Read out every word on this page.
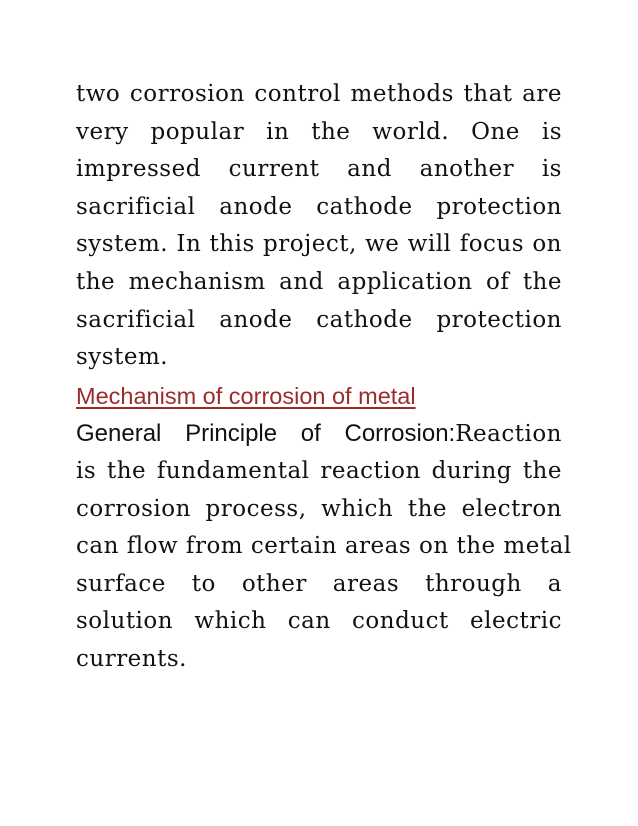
two corrosion control methods that are
very popular in the world. One is
impressed current and another is
sacrificial anode cathode protection
system. In this project, we will focus on
the mechanism and application of the
sacrificial anode cathode protection
system.
Mechanism of corrosion of metal
General Principle of Corrosion:Reaction
is the fundamental reaction during the
corrosion process, which the electron
can flow from certain areas on the metal
surface to other areas through a
solution which can conduct electric
currents.
